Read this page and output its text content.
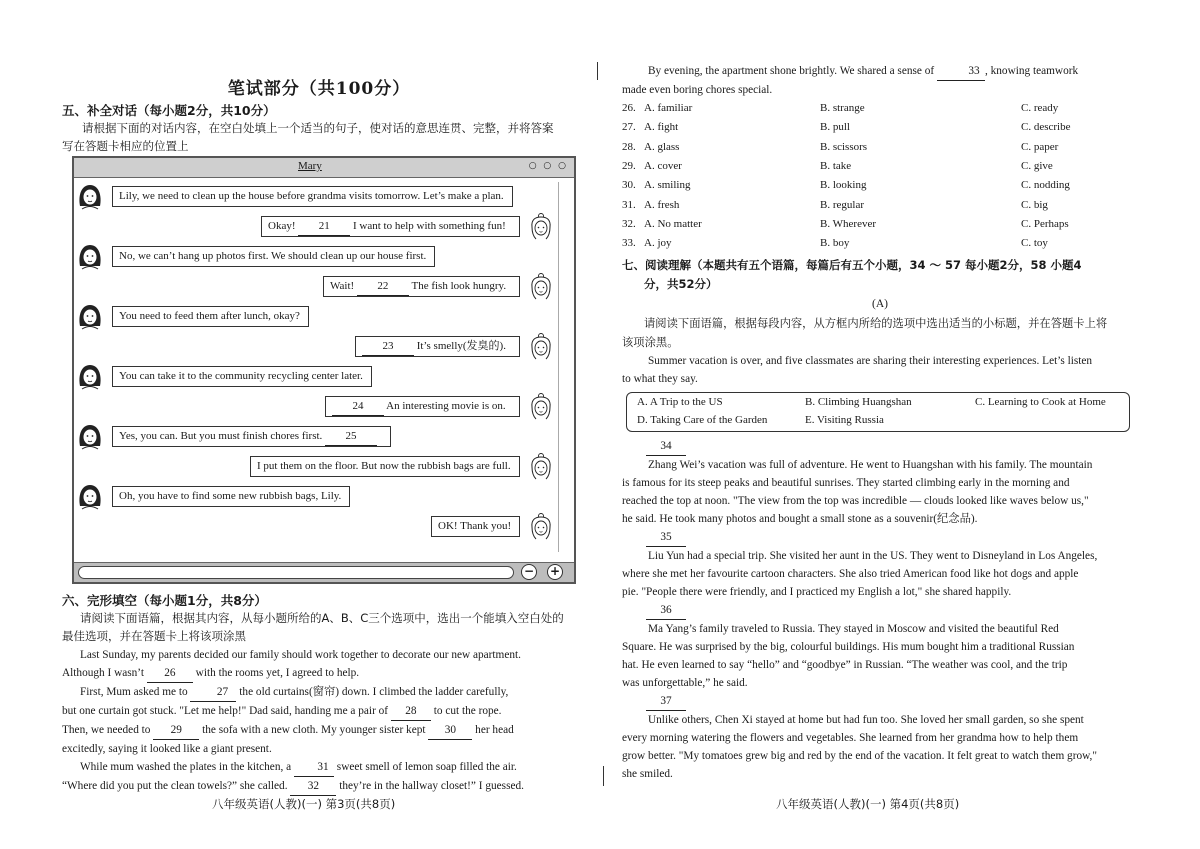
笔试部分（共100分）
五、补全对话（每小题2分，共10分）
请根据下面的对话内容，在空白处填上一个适当的句子，使对话的意思连贯、完整，并将答案
写在答题卡相应的位置上
Mary	○ ○ ○
Lily, we need to clean up the house before grandma visits tomorrow. Let’s make a plan.
Okay! 21 I want to help with something fun!
No, we can’t hang up photos first. We should clean up our house first.
Wait! 22 The fish look hungry.
You need to feed them after lunch, okay?
23 It’s smelly(发臭的).
You can take it to the community recycling center later.
24 An interesting movie is on.
Yes, you can. But you must finish chores first. 25
I put them on the floor. But now the rubbish bags are full.
Oh, you have to find some new rubbish bags, Lily.
OK! Thank you!
− +
六、完形填空（每小题1分，共8分）
请阅读下面语篇，根据其内容，从每小题所给的A、B、C三个选项中，选出一个能填入空白处的
最佳选项，并在答题卡上将该项涂黑
Last Sunday, my parents decided our family should work together to decorate our new apartment.
Although I wasn’t 26 with the rooms yet, I agreed to help.
First, Mum asked me to	27 the old curtains(窗帘) down. I climbed the ladder carefully,
but one curtain got stuck. "Let me help!" Dad said, handing me a pair of 28 to cut the rope.
Then, we needed to 29 the sofa with a new cloth. My younger sister kept 30 her head
excitedly, saying it looked like a giant present.
While mum washed the plates in the kitchen, a 31 sweet smell of lemon soap filled the air.
“Where did you put the clean towels?” she called. 32 they’re in the hallway closet!” I guessed.
八年级英语(人教)(一) 第3页(共8页)
By evening, the apartment shone brightly. We shared a sense of	33 , knowing teamwork
made even boring chores special.
26. A. familiar	B. strange	C. ready
27. A. fight	B. pull	C. describe
28. A. glass	B. scissors	C. paper
29. A. cover	B. take	C. give
30. A. smiling	B. looking	C. nodding
31. A. fresh	B. regular	C. big
32. A. No matter	B. Wherever	C. Perhaps
33. A. joy	B. boy	C. toy
七、阅读理解（本题共有五个语篇，每篇后有五个小题，34 ～ 57 每小题2分，58 小题4
分，共52分）
(A)
请阅读下面语篇，根据每段内容，从方框内所给的选项中选出适当的小标题，并在答题卡上将
该项涂黑。
Summer vacation is over, and five classmates are sharing their interesting experiences. Let’s listen
to what they say.
A. A Trip to the US	B. Climbing Huangshan	C. Learning to Cook at Home
D. Taking Care of the Garden	E. Visiting Russia
34
Zhang Wei’s vacation was full of adventure. He went to Huangshan with his family. The mountain
is famous for its steep peaks and beautiful sunrises. They started climbing early in the morning and
reached the top at noon. "The view from the top was incredible — clouds looked like waves below us,"
he said. He took many photos and bought a small stone as a souvenir(纪念品).
35
Liu Yun had a special trip. She visited her aunt in the US. They went to Disneyland in Los Angeles,
where she met her favourite cartoon characters. She also tried American food like hot dogs and apple
pie. "People there were friendly, and I practiced my English a lot," she shared happily.
36
Ma Yang’s family traveled to Russia. They stayed in Moscow and visited the beautiful Red
Square. He was surprised by the big, colourful buildings. His mum bought him a traditional Russian
hat. He even learned to say “hello” and “goodbye” in Russian. “The weather was cool, and the trip
was unforgettable,” he said.
37
Unlike others, Chen Xi stayed at home but had fun too. She loved her small garden, so she spent
every morning watering the flowers and vegetables. She learned from her grandma how to help them
grow better. "My tomatoes grew big and red by the end of the vacation. It felt great to watch them grow,"
she smiled.
八年级英语(人教)(一) 第4页(共8页)
